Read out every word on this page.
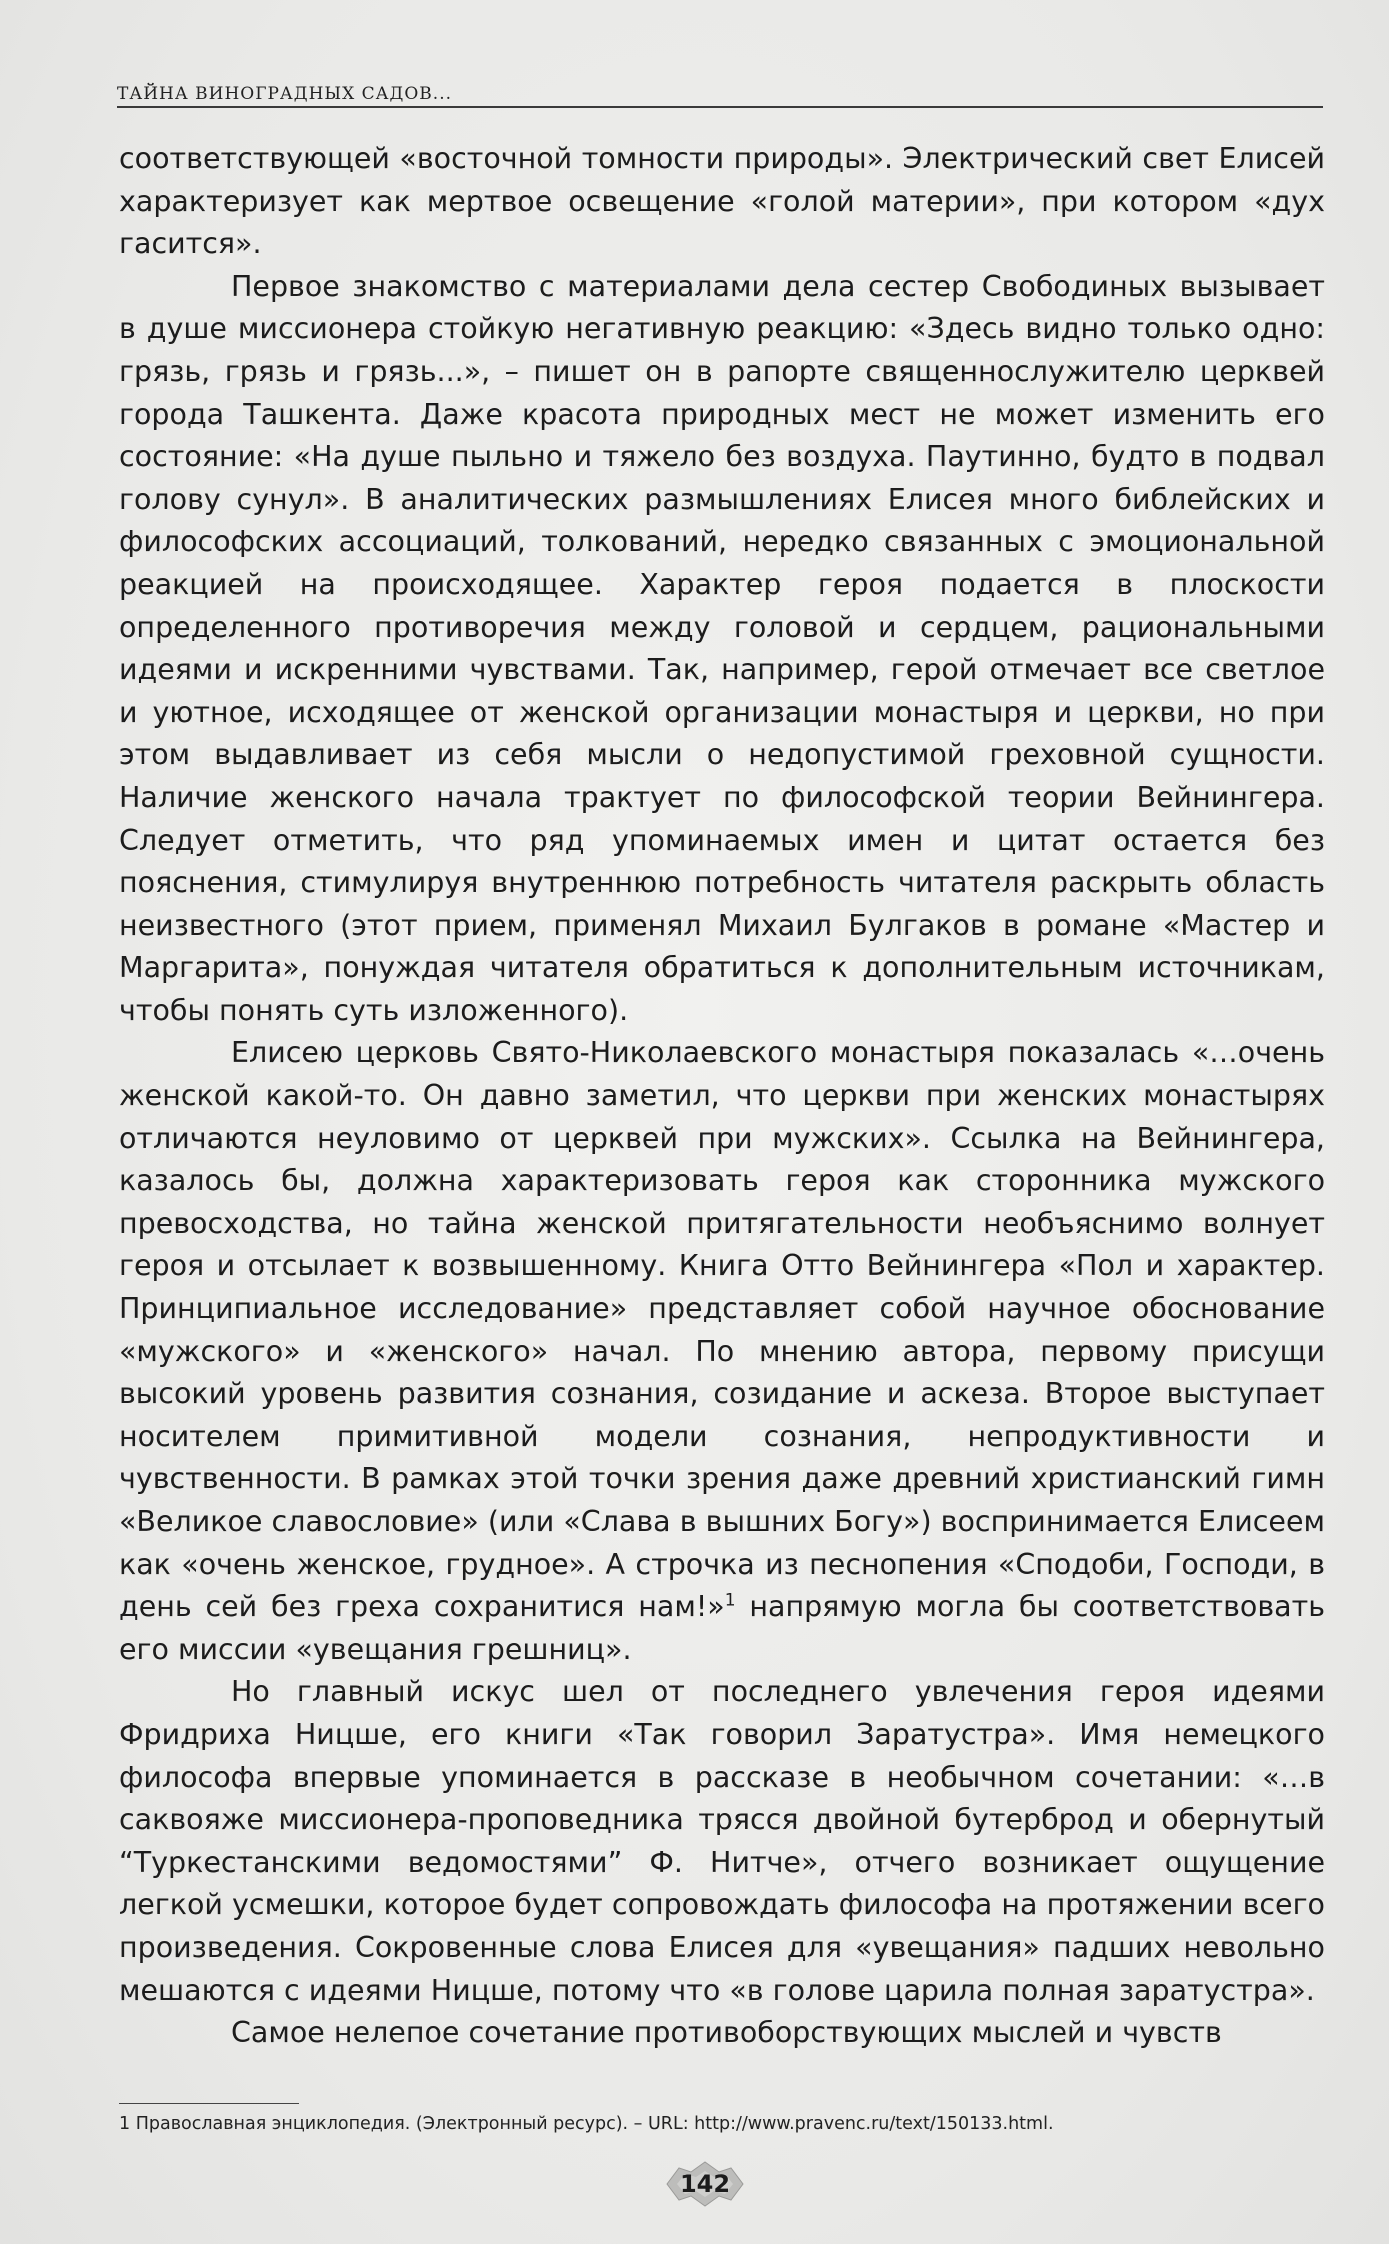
ТАЙНА ВИНОГРАДНЫХ САДОВ...

соответствующей «восточной томности природы». Электрический свет Елисей характеризует как мертвое освещение «голой материи», при котором «дух гасится».

Первое знакомство с материалами дела сестер Свободиных вызывает в душе миссионера стойкую негативную реакцию: «Здесь видно только одно: грязь, грязь и грязь...», – пишет он в рапорте священнослужителю церквей города Ташкента. Даже красота природных мест не может изменить его состояние: «На душе пыльно и тяжело без воздуха. Паутинно, будто в подвал голову сунул». В аналитических размышлениях Елисея много библейских и философских ассоциаций, толкований, нередко связанных с эмоциональной реакцией на происходящее. Характер героя подается в плоскости определенного противоречия между головой и сердцем, рациональными идеями и искренними чувствами. Так, например, герой отмечает все светлое и уютное, исходящее от женской организации монастыря и церкви, но при этом выдавливает из себя мысли о недопустимой греховной сущности. Наличие женского начала трактует по философской теории Вейнингера. Следует отметить, что ряд упоминаемых имен и цитат остается без пояснения, стимулируя внутреннюю потребность читателя раскрыть область неизвестного (этот прием, применял Михаил Булгаков в романе «Мастер и Маргарита», понуждая читателя обратиться к дополнительным источникам, чтобы понять суть изложенного).

Елисею церковь Свято-Николаевского монастыря показалась «…очень женской какой-то. Он давно заметил, что церкви при женских монастырях отличаются неуловимо от церквей при мужских». Ссылка на Вейнингера, казалось бы, должна характеризовать героя как сторонника мужского превосходства, но тайна женской притягательности необъяснимо волнует героя и отсылает к возвышенному. Книга Отто Вейнингера «Пол и характер. Принципиальное исследование» представляет собой научное обоснование «мужского» и «женского» начал. По мнению автора, первому присущи высокий уровень развития сознания, созидание и аскеза. Второе выступает носителем примитивной модели сознания, непродуктивности и чувственности. В рамках этой точки зрения даже древний христианский гимн «Великое славословие» (или «Слава в вышних Богу») воспринимается Елисеем как «очень женское, грудное». А строчка из песнопения «Сподоби, Господи, в день сей без греха сохранитися нам!»$^1$ напрямую могла бы соответствовать его миссии «увещания грешниц».

Но главный искус шел от последнего увлечения героя идеями Фридриха Ницше, его книги «Так говорил Заратустра». Имя немецкого философа впервые упоминается в рассказе в необычном сочетании: «…в саквояже миссионера-проповедника трясся двойной бутерброд и обернутый “Туркестанскими ведомостями” Ф. Нитче», отчего возникает ощущение легкой усмешки, которое будет сопровождать философа на протяжении всего произведения. Сокровенные слова Елисея для «увещания» падших невольно мешаются с идеями Ницше, потому что «в голове царила полная заратустра».

Самое нелепое сочетание противоборствующих мыслей и чувств

1 Православная энциклопедия. (Электронный ресурс). – URL: http://www.pravenc.ru/text/150133.html.
142
